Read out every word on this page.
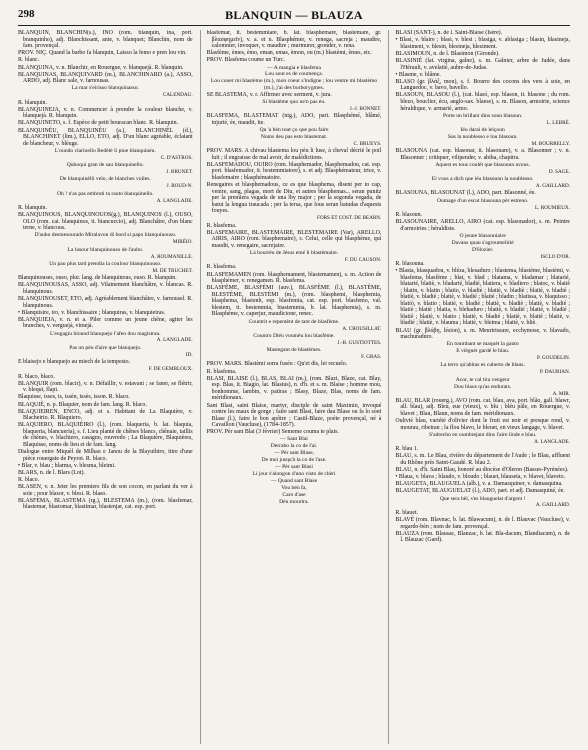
298	BLANQUIN — BLAUZA

BLANQUIN, BLANCHIN(s.), INO (rom. blanquin, ina, port. branquinho), adj. Blanchissant, ante, v. blanquet; Blanchin, nom de fam. provençal.

PROV. NIÇ. Quand la barbo fa blanquin, Laisso la femo e pren lou vin.

R. blanc.

BLANQUINA, v. n. Blanchir, en Rouergue, v. blanquejà. R. blanquin.

BLANQUINAS, BLANQUIVARD (m.), BLANCHINARD (a.), ASSO, ARDO, adj. Blanc sale, v. farnousas.

La mar s'eirisso blanquinasso.

CALENDAU.

R. blanquin.

BLANQUINEJA, v. n. Commencer à prendre la couleur blanche, v. blanquejà. R. blanquin.

BLANQUINETO, s. f. Espèce de petit bouracan blanc. R. blanquin.

BLANQUINÈU, BLANQUINÉU (a.), BLANCHINÈL (d.), BLANCHINET (lim.), ELLO, ETO, adj. D'un blanc agréable, éclatant de blancheur, v. blèuge.

L'oundo clarinello Redètè li piue blanquinèu.

C. D'ASTROS.

Quboqui gran de sau blanquinello.

J. BRUNET.

De blanquinèlli velo, de blanches voiles.

J. ROUD-N.

Oh ! n'as pas embruti ta rauto blanquinello.

A. LANGLADE.

R. blanquin.

BLANQUINOUS, BLANQUINOUOS(g.), BLANQUINOS (l.), OUSO, OLO (rom. cat. blanquinos, it. biancuccio), adj. Blanchâtre, d'un blanc terne, v. blancous.

D'aubo desmesourado Miralavon di bord si papo blanquinouso.

MIRÈIO.

La lusour blanquinouso de l'aubo.

A. ROUMANILLE.

Un pau plus tard prendia la coulour blanquinouso.

M. DE TRUCHET.

Blanquinouses, ouso, plur. lang. de blanquinous, ouso. R. blanquin.

BLANQUINOUSAS, ASSO, adj. Vilainement blanchâtre, v. blancas. R. blanquinous.

BLANQUINOUSET, ETO, adj. Agréablement blanchâtre, v. farnousel. R. blanquinous.

• Blanquisire, iro, v. blanchissaire ; blanquiras, v. blanquieiras.

BLANQUIEJA, v. n. et a. Piler comme un jeune chêne, agiter les branches, v. verguejà, vimejà.

L'engagiu blound blanquejo l'afen dou magistrau.

A. LANGLADE.

Pas un pèu d'aire que blanquejo.

ID.

E blaisejo e blanquejo au miech de la tempesto.

F. DE GEMBLOUX.

R. blaco, blaco.

BLANQUIR (rom. blacir), v. n. Défaillir, v. estavani ; se faner, se flétrir, v. blequi, flapi.

Blaquisse, isses, is, issèn, issès, isson. R. blaco.

BLAQUIÈ, n. p. Blaquier, nom de fam. lang. R. blaco.

BLAQUIEIREN, ENCO, adj. et s. Habitant de La Blaquière, v. Blacheirio. R. Blaquiero.

BLAQUIERO, BLAQUIÈIRO (l.), (rom. blaqueria, b. lat. blaquia, blaqueria, blancueria), s. f. Lieu planté de chênes blancs, chênaie, taillis de chênes, v. blachiero, casagno, rouvredo ; La Blaquière, Blaquières, Blaquisse, noms de lieu et de fam. lang.

Dialogue entre Miquèl de Milhau e Janou de la Blayuibiro, titre d'une pièce rouergate de Peyrot. R. blaco.

• Blar, v. blau ; blarma, v. blesma, bleimi.

BLARS, n. de l. Blars (Lot).

R. blaco.

BLASEN, v. n. Jeter les premiers fils de son cocon, en parlant du ver à soie ; pour blasor, v. blesi. R. blaso.

BLASFEMA, BLASTEMA (rg.), BLESTEMA (m.), (rom. blasfemar, blastemar, blastomar, blastimar, blastenjar, cat. esp. port.

blasfemar, it. bestemmiare, b. lat. blasphemare, blastemare, gr. βλασφημεῖν), v. a. et n. Blasphémer, v. renega, sacreja ; maudire, calomnier, invoquer, v. maudire ; murmurer, gronder, v. rena.

Blasfème, èmes, èmo, eman, emas, èmon, ou (m.) blastèmi, èmes, etc.

PROV. Blasfema coume un Turc.

— A mangia e blasfema

Lou sout es de coumença.

Lou couer mi blastèmo (m.), mon coeur s'indigne ; lou ventre mi blastèmo (m.), j'ai des borborygmes.

SE BLASTEMA, v. r. Affirmer avec serment, v. jura.

Si blastème quo ne'n pas èu.

J.-J. BONNET.

BLASFEMA, BLASTEMAT (nig.), ADO, part. Blasphémé, blâmé, injurié, ée, maudit, ite.

Qu 'a bèn tout ço que pou faire

Noms deu pas esto blastemat.

C. BRUEYS.

PROV. MARS. A chivau blastema lou pèu li luse, à cheval décrié le poil luit ; il engraisse de mal avoir, de malédictions.

BLASFEMADOU, OUIRO (rom. blasphemador, blasphemadou, cat. esp. port. blasfemador, it. bestemmiatore), s. et adj. Blasphémateur, trice, v. blasfemaire ; blasphématoire.

Renegaires et blasphemadous, ce es que blasphema, disent per to cap, venire, sang, plagas, mort de Diu, et autres blasphemas... seran punitz per la premiera vegada de una lby major ; per la segonda vegada, de batut la lengua traucada ; per la tersa, que lous seran batudas d'aquests fouyes.

FORS ET COST. DE BEARN.

R. blasfema.

BLASFEMAIRE, BLASTEMAIRE, BLESTEMAIRE (Var), ARELLO, AIRIS, AIRO (rom. blasphemaire), s. Celui, celle qui blasphème, qui maudit, v. renegaire, sacrejaire.

Lá bourréu de Jésus emé li blastèmaire.

F. DU CAUSON.

R. blasfema.

BLASFEMAMEN (rom. blasphemament, blastemamen), s. m. Action de blasphémer, v. renegamen. R. blasfema.

BLASFÈME, BLASFÈMI (auv.), BLASFÈME (l.), BLASTÈME, BLESTÈME, BLESTÈMI (m.), (rom. blasphemi, blasphemia, blasphema, blastenh, esp. blasfemia, cat. esp. port. blasfemo, val. blestem, it. bestemmia, biastemmia, b. lat. blasphemia), s. m. Blasphème, v. caperjur, maudicione, renec.

Countrit e repentènt de tant de blasfème.

A. CROUSILLAT.

Countro Diéu vouméu lou blasfème.

J.-B. GUSTIOTTES.

Mastegant de blastèmes.

F. GRAS.

PROV. MARS. Blastèmi sorra fuséu : Qu'ei dis, lei recuelo.

R. blasfema.

BLASI, BLAISE (l.), BLAS, BLAI (m.), (rom. Blazi, Blaze, cat. Blay, esp. Blas, it. Biagio, lat. Blasius), n. d'h. et s. m. Blaise ; homme mou, bonhomme, lambin, v. patiras ; Blasy, Blaze, Blas, noms de fam. méridionaux.

Sant Blasi, saint Blaise, martyr, disciple de saint Maximin, invoqué contre les maux de gorge ; faire sant Blasi, faire dau Blase ou fa lo sont Blase (l.), faire le bon apôtre ; Castil-Blaze, poète provençal, né à Cavaillon (Vaucluse), (1784-1857).

PROV. Pèr sant Blai (3 février) Sememe couma te plais.

— Sant Blai

Derrabo la co de l'ai.

— Pèr sant Blase,

De moi jusqu'à la co de l'ase.

— Pèr sant Blasi

Li jour s'alongon d'uno visto de chèri

— Quand sant Blase

Vou bén fa,

Caro d'ase

Déu mourtra.

BLASI (SANT-), n. de l. Saint-Blaise (Isère).

• Blasi, v. blaire ; blasi, v. blesi ; blasiga, v. ablasiga ; blasin, blasineja, blasiment, v. blesin, blesineja, blesiment.

BLASIMOUN, n. de l. Blasimon (Gironde).

BLASINIÉ (lat. virgina, galne), s. m. Galnier, arbre de Judée, dans l'Hérault, v. avelatié, aubre-de-Judas.

• Blasme, v. blâme.

BLASO (gr. βλάξ, mou), s. f. Bourre des cocons des vers à soie, en Languedoc, v. bavo, bavello.

BLASOUN, BLASOU (l.), (cat. blasó, esp. blason, it. blasone ; du rom. blezo, bouclier, écu, anglo-sax. blaese), s. m. Blason, armoirie, science héraldique, v. armarié, armo.

Porte un brillant dins soun blasoun.

L. LEBRÈ.

Iéu darai de leiçoun

Sus la noublesso e lou blasoun.

M. BOURRELLY.

BLASOUNA (cat. esp. blasonar, it. blasonare), v. a. Blasonner ; v. n. Blasonner ; critiquer, vilipender, v. abiha, chapitra.

Aquest es tous coulét que blasounn avous.

D. SAGE.

Ei vous a dich que iéu blasounn la noublesso.

A. GAILLARD.

BLASOUNA, BLASOUNAT (l.), ADO, part. Blasonné, ée.

Oumage d'un escut blasouna pèr estreno.

L. ROUMIEUX.

R. blasoun.

BLASOUNAIRE, ARELLO, AIRO (cat. esp. blasonador), s. m. Peintre d'armoiries ; héraldiste.

O jeune blasouniaire

Davans quau s'agroumelirié

D'Hozier.

ISCLO D'OR.

R. blasouna.

• Blasta, blasquadou, v. bléza, blesaduro ; blastema, blastème, blastèmi, v. blasfema, blasfème ; blat, v. blad ; blatama, v. bladamar ; blatarié, blatarié, blatiè, v. bladarié, bladié, blatiera, v. bladiero ; blatoc, v. blatiè ; blatin, v. blatin ; blatio, v. bladiè ; blatiè, v. bladiè ; blatiè, v. bladié ; blatiè, v. bladié ; blatiè, v. bladié ; blatié ; bladin ; blatissa, v. blaquisso ; blatiò, v. blatio ; blatiè, v. bladiè ; blatiè, v. bladiè ; blatiè, v. bladié ; blatiè ; blatiè ; blatia, v. blehaduro ; blatiè, v. bladié ; blatiè, v. bladié ; blatiè ; blatiè, v. blatio ; blatiè, v. bladié ; blatiè, v. blatiè ; blatiè, v. bladié ; blatiè, v. blauma ; blatiè, v. bleima ; blatiè, v. bliè.

BLAU (gr. βλάβη, lésion), s. m. Meurtrissure, ecchymose, v. blavado, machuraduro.

En toumbant se maquèt la gauto

E vièguèt gardé le blau.

P. GOUDELIN.

La terro qu'abitas es cuberto de blaus.

P. DAUBIAN.

Acor, te cal tira vengeur

Dou blaus qu'as endurats.

A. MIR.

BLAU, BLAR (rouerg.), AVO (rom. cat. blau, ava, port. blão, gall. blawr, all. blau), adj. Bleu, eue (vieux), v. blu ; bléu pâle, en Rouergue, v. blavet ; Blau, Blaun, noms de fam. méridionaux.

Oulivié blau, variété d'olivier dont le fruit est noir et presque rond, v. mourau, ribeiran ; la flou blavo, le bleuet, en vieux langage, v. blavet.

S'adrecho en oumbrejant dins l'aire linde e blau.

A. LANGLADE.

R. blau 1.

BLAU, s. m. Le Blau, rivière du département de l'Aude ; le Blau, affluent du Rhône près Saint-Gaudé. R. blau 2.

BLAU, n. d'h. Saint Blau, honoré au diocèse d'Oleron (Basses-Pyrénées).

• Blaua, v. blava ; blaudo, v. bloudo ; blauet, blauseta, v. blavet, blaveto.

BLAUGETA, BLAUGUELA (alb.), v. a. Damasquiner, v. damasquina.

BLAUGETAT, BLAUGUELAT (l.), ADO, part. et adj. Damasquiné, ée.

Que sera bèl, s'es blauguelat d'argent !

A. GAILLARD.

R. blauet.

BLAVÈ (rom. Blavnac, b. lat. Blawacum), n. de l. Blauvac (Vaucluse), v. regardo-bèn ; nom de fam. provençal.

BLAUZA (rom. Blausac, Blanzac, b. lat. Bla-dacum, Blandiacum), n. de l. Blauzac (Gard).
